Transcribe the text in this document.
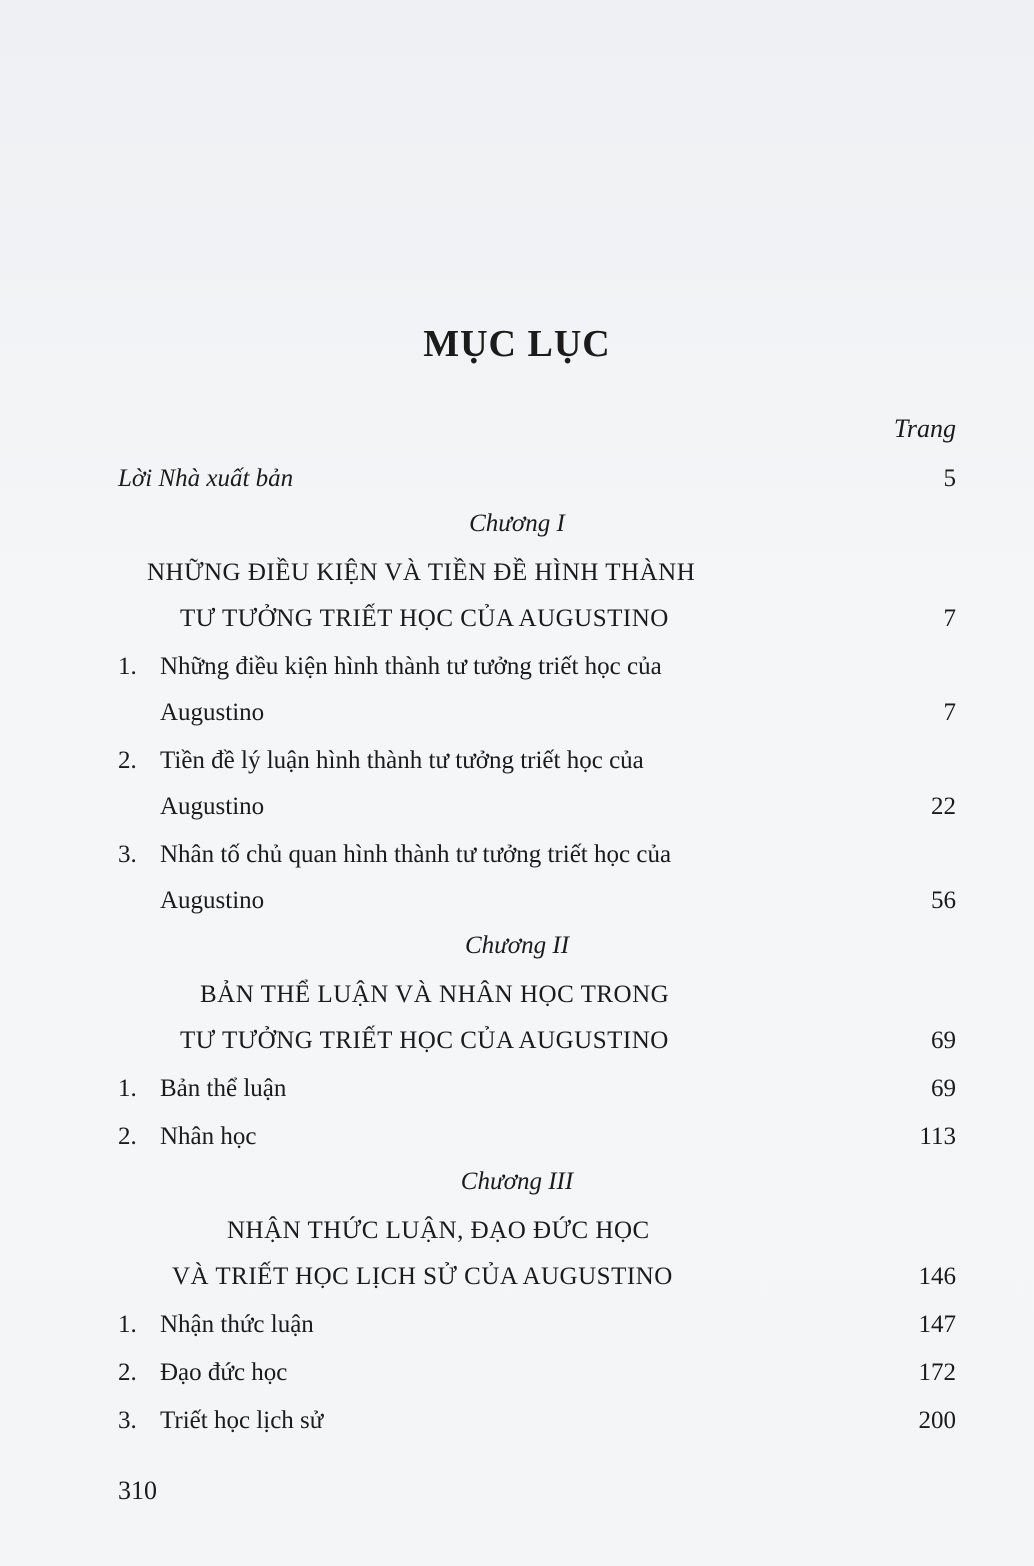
MỤC LỤC
Trang
Lời Nhà xuất bản	5
Chương I
NHỮNG ĐIỀU KIỆN VÀ TIỀN ĐỀ HÌNH THÀNH
TƯ TƯỞNG TRIẾT HỌC CỦA AUGUSTINO	7
1. Những điều kiện hình thành tư tưởng triết học của
Augustino	7
2. Tiền đề lý luận hình thành tư tưởng triết học của
Augustino	22
3. Nhân tố chủ quan hình thành tư tưởng triết học của
Augustino	56
Chương II
BẢN THỂ LUẬN VÀ NHÂN HỌC TRONG
TƯ TƯỞNG TRIẾT HỌC CỦA AUGUSTINO	69
1. Bản thể luận	69
2. Nhân học	113
Chương III
NHẬN THỨC LUẬN, ĐẠO ĐỨC HỌC
VÀ TRIẾT HỌC LỊCH SỬ CỦA AUGUSTINO	146
1. Nhận thức luận	147
2. Đạo đức học	172
3. Triết học lịch sử	200
310
